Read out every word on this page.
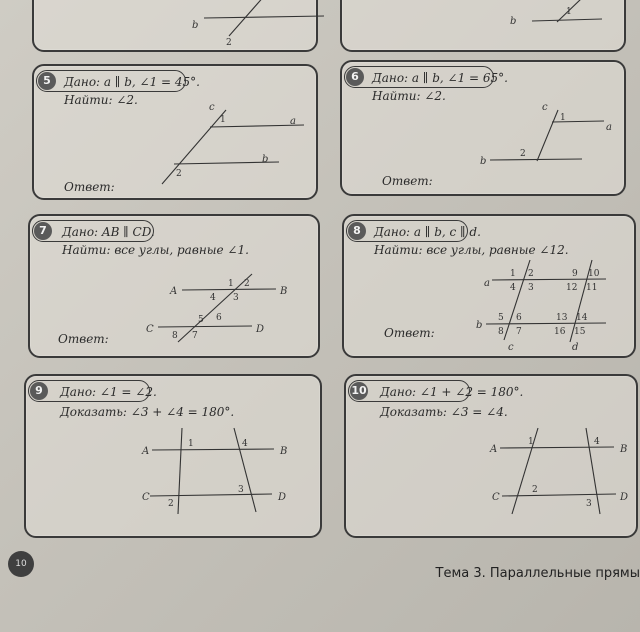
b
2
b
1
5	Дано: a ∥ b, ∠1 = 45°.
Найти: ∠2.
c
a
b
1
2
Ответ:
6	Дано: a ∥ b, ∠1 = 65°.
Найти: ∠2.
c
a
b
1
2
Ответ:
7	Дано: AB ∥ CD.
Найти: все углы, равные ∠1.
A	B
C	D
1 2
3
4
5 6
7
8
Ответ:
8	Дано: a ∥ b, c ∥ d.
Найти: все углы, равные ∠12.
a
b
c	d
1 2
4 3
9 10
12 11
5 6
8 7
13 14
16 15
Ответ:
9	Дано: ∠1 = ∠2.
Доказать: ∠3 + ∠4 = 180°.
A	B
C	D
1
2
3
4
10 Дано: ∠1 + ∠2 = 180°.
Доказать: ∠3 = ∠4.
A	B
C	D
1
2
3
4
10
Тема 3. Параллельные прямы
